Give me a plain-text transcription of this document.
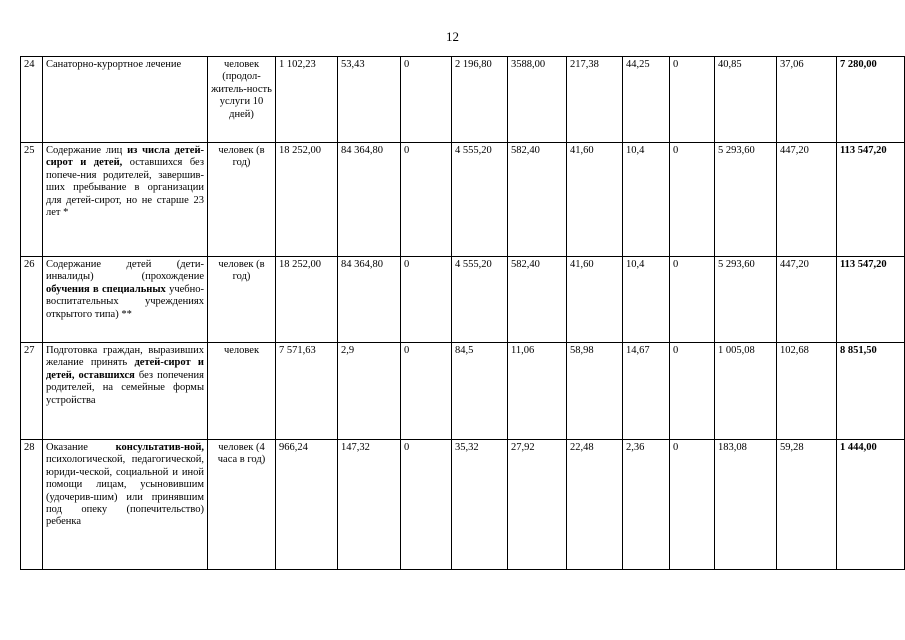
12
24	Санаторно-курортное лечение	человек (продол-житель-ность услуги 10 дней)	1 102,23	53,43	0	2 196,80	3588,00	217,38	44,25	0	40,85	37,06	7 280,00
25	Содержание лиц из числа детей-сирот и детей, оставшихся без попече-ния родителей, завершив-ших пребывание в организации для детей-сирот, но не старше 23 лет *	человек (в год)	18 252,00	84 364,80	0	4 555,20	582,40	41,60	10,4	0	5 293,60	447,20	113 547,20
26	Содержание детей (дети-инвалиды) (прохождение обучения в специальных учебно-воспитательных учреждениях открытого типа) **	человек (в год)	18 252,00	84 364,80	0	4 555,20	582,40	41,60	10,4	0	5 293,60	447,20	113 547,20
27	Подготовка граждан, выразивших желание принять детей-сирот и детей, оставшихся без попечения родителей, на семейные формы устройства	человек	7 571,63	2,9	0	84,5	11,06	58,98	14,67	0	1 005,08	102,68	8 851,50
28	Оказание консультатив-ной, психологической, педагогической, юриди-ческой, социальной и иной помощи лицам, усыновившим (удочерив-шим) или принявшим под опеку (попечительство) ребенка	человек (4 часа в год)	966,24	147,32	0	35,32	27,92	22,48	2,36	0	183,08	59,28	1 444,00
